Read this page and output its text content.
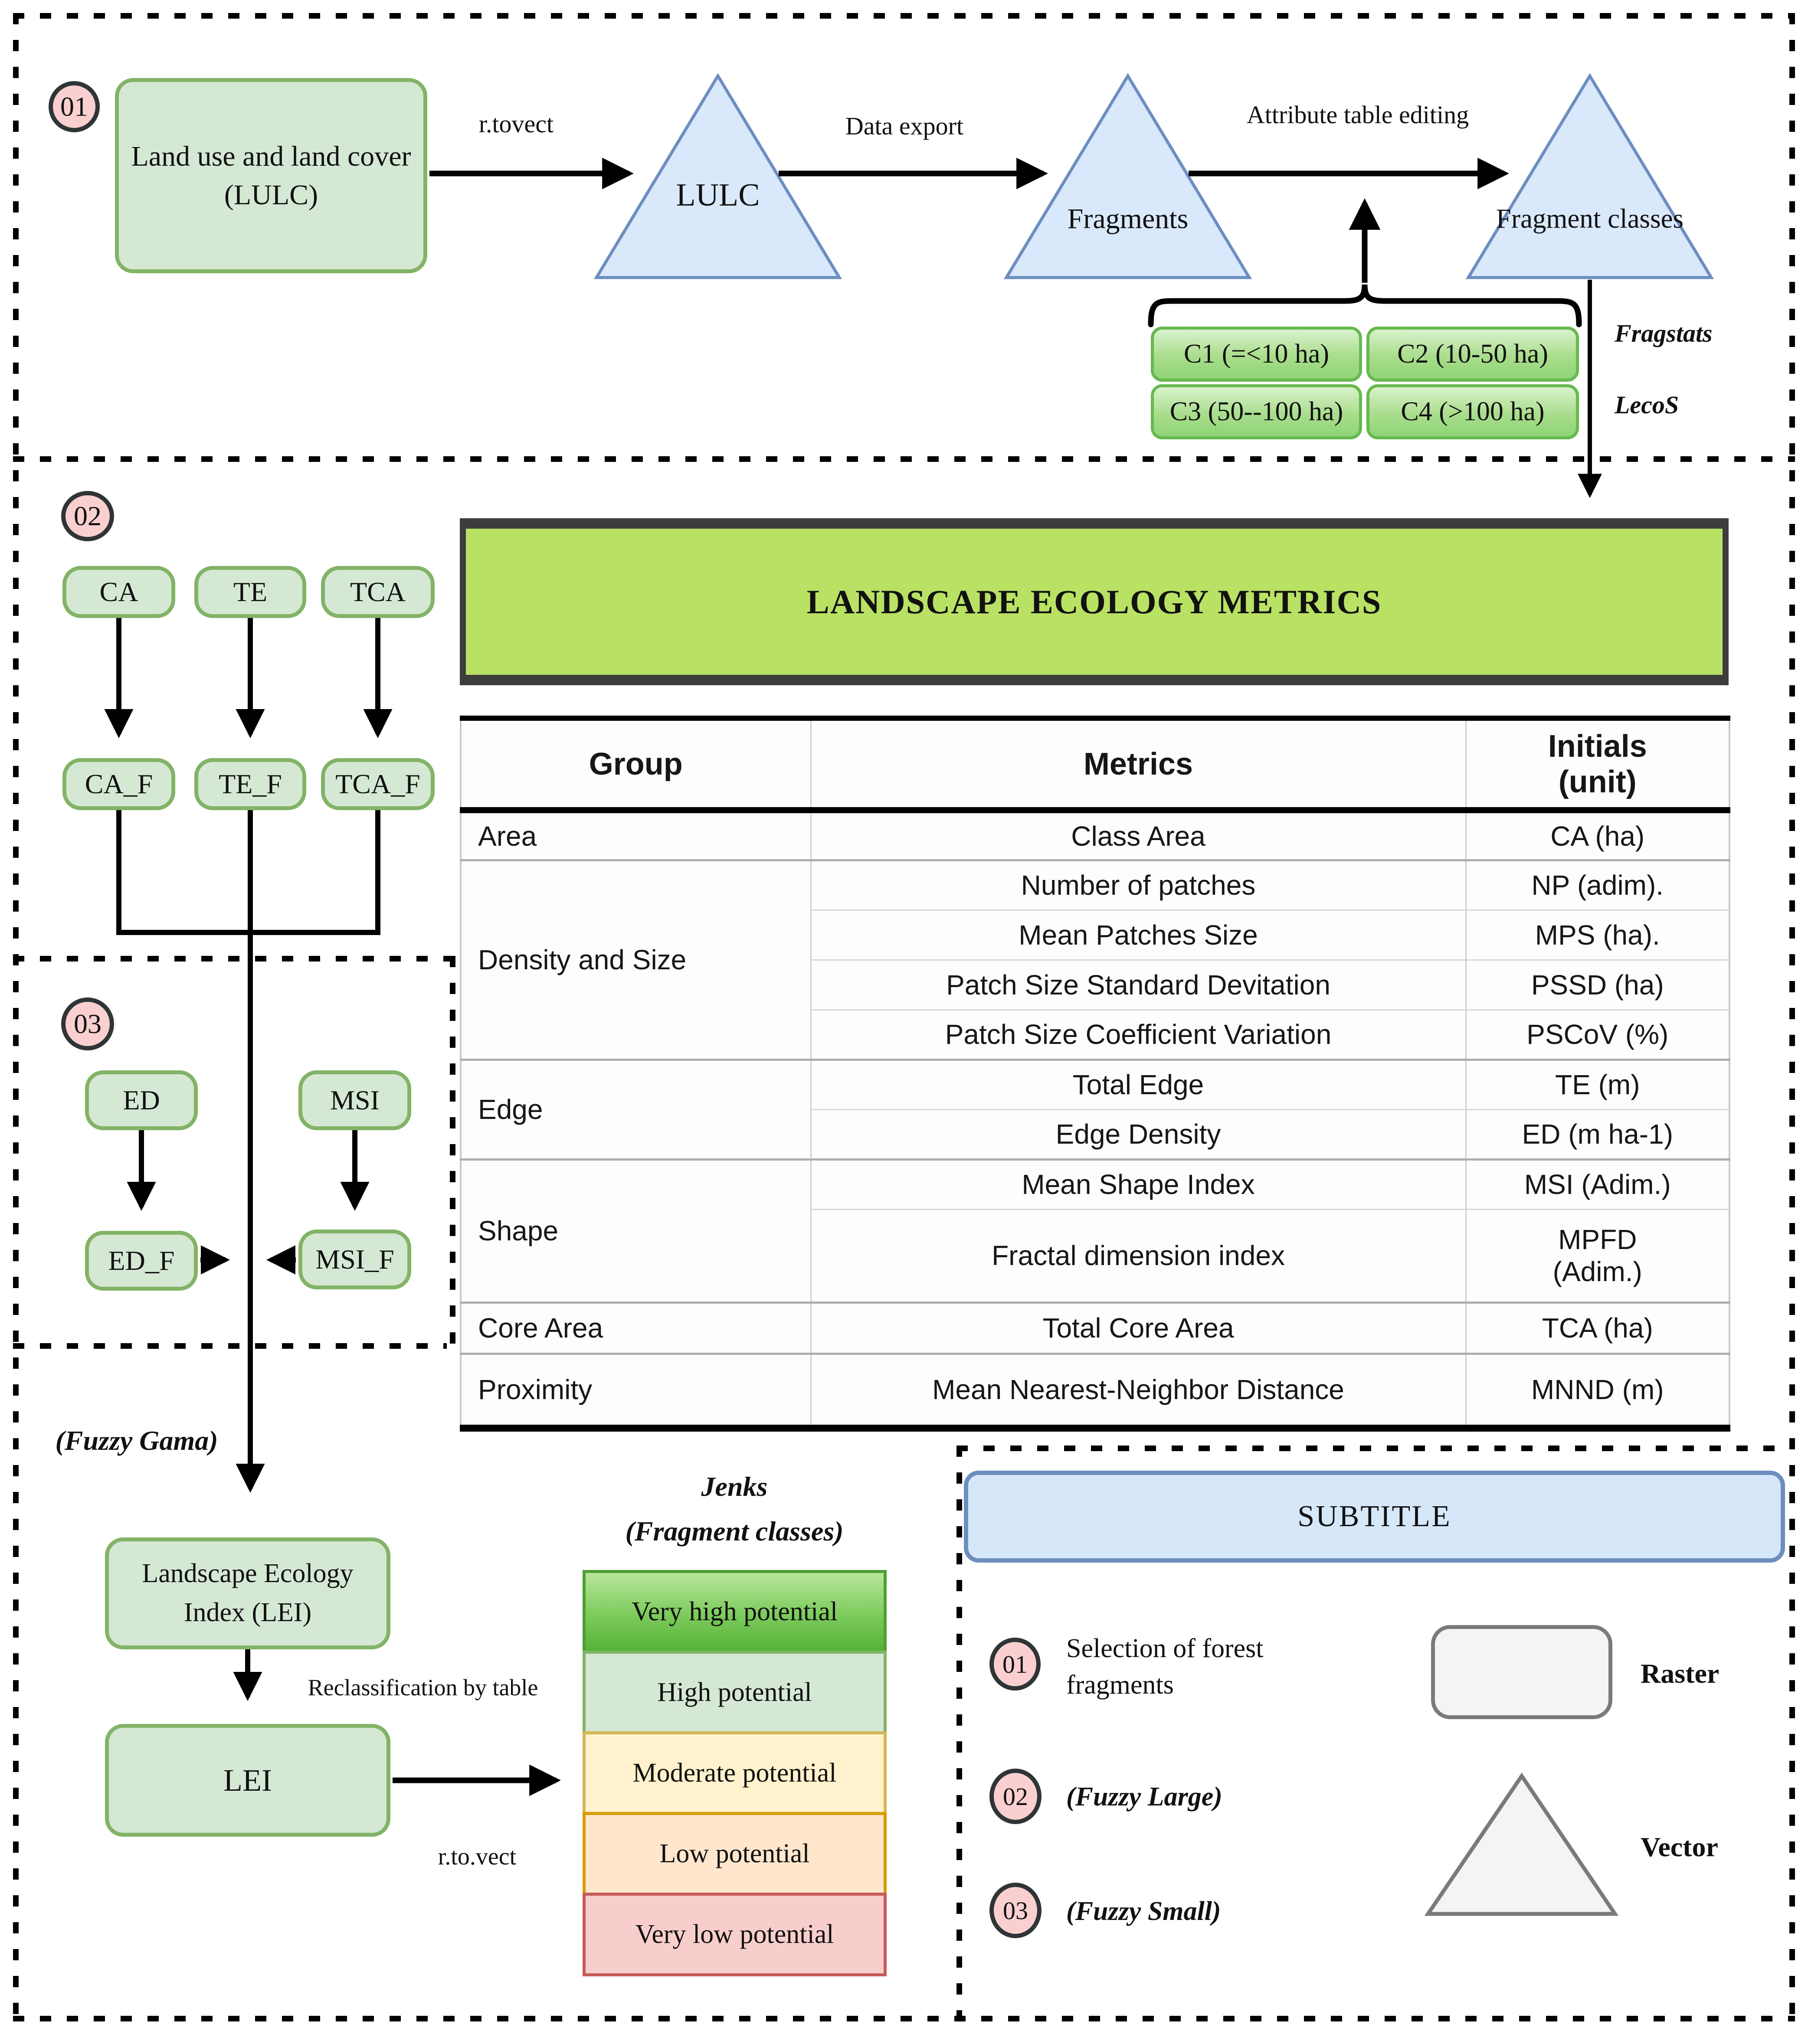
01
Land use and land cover
(LULC)
r.tovect	Data export	Attribute table editing
LULC
Fragments	Fragment classes
C1 (=<10 ha)	C2 (10-50 ha)
C3 (50--100 ha)	C4 (>100 ha)
Fragstats
LecoS
LANDSCAPE ECOLOGY METRICS
Group	Metrics	Initials
(unit)

Area	Class Area	CA (ha)
Density and Size	Number of patches	NP (adim).
	Mean Patches Size	MPS (ha).
	Patch Size Standard Devitation	PSSD (ha)
	Patch Size Coefficient Variation	PSCoV (%)
Edge	Total Edge	TE (m)
	Edge Density	ED (m ha-1)
Shape	Mean Shape Index	MSI (Adim.)
	Fractal dimension index	MPFD (Adim.)
Core Area	Total Core Area	TCA (ha)
Proximity	Mean Nearest-Neighbor Distance	MNND (m)
02
CA	TE	TCA
CA_F	TE_F	TCA_F
03
ED	MSI
ED_F	MSI_F
(Fuzzy Gama)
Landscape Ecology
Index (LEI)
Reclassification by table
LEI
r.to.vect
Jenks
(Fragment classes)
Very high potential
High potential
Moderate potential
Low potential
Very low potential
SUBTITLE
01
Selection of forest fragments	Raster
02	(Fuzzy Large)
03	(Fuzzy Small)
Vector
